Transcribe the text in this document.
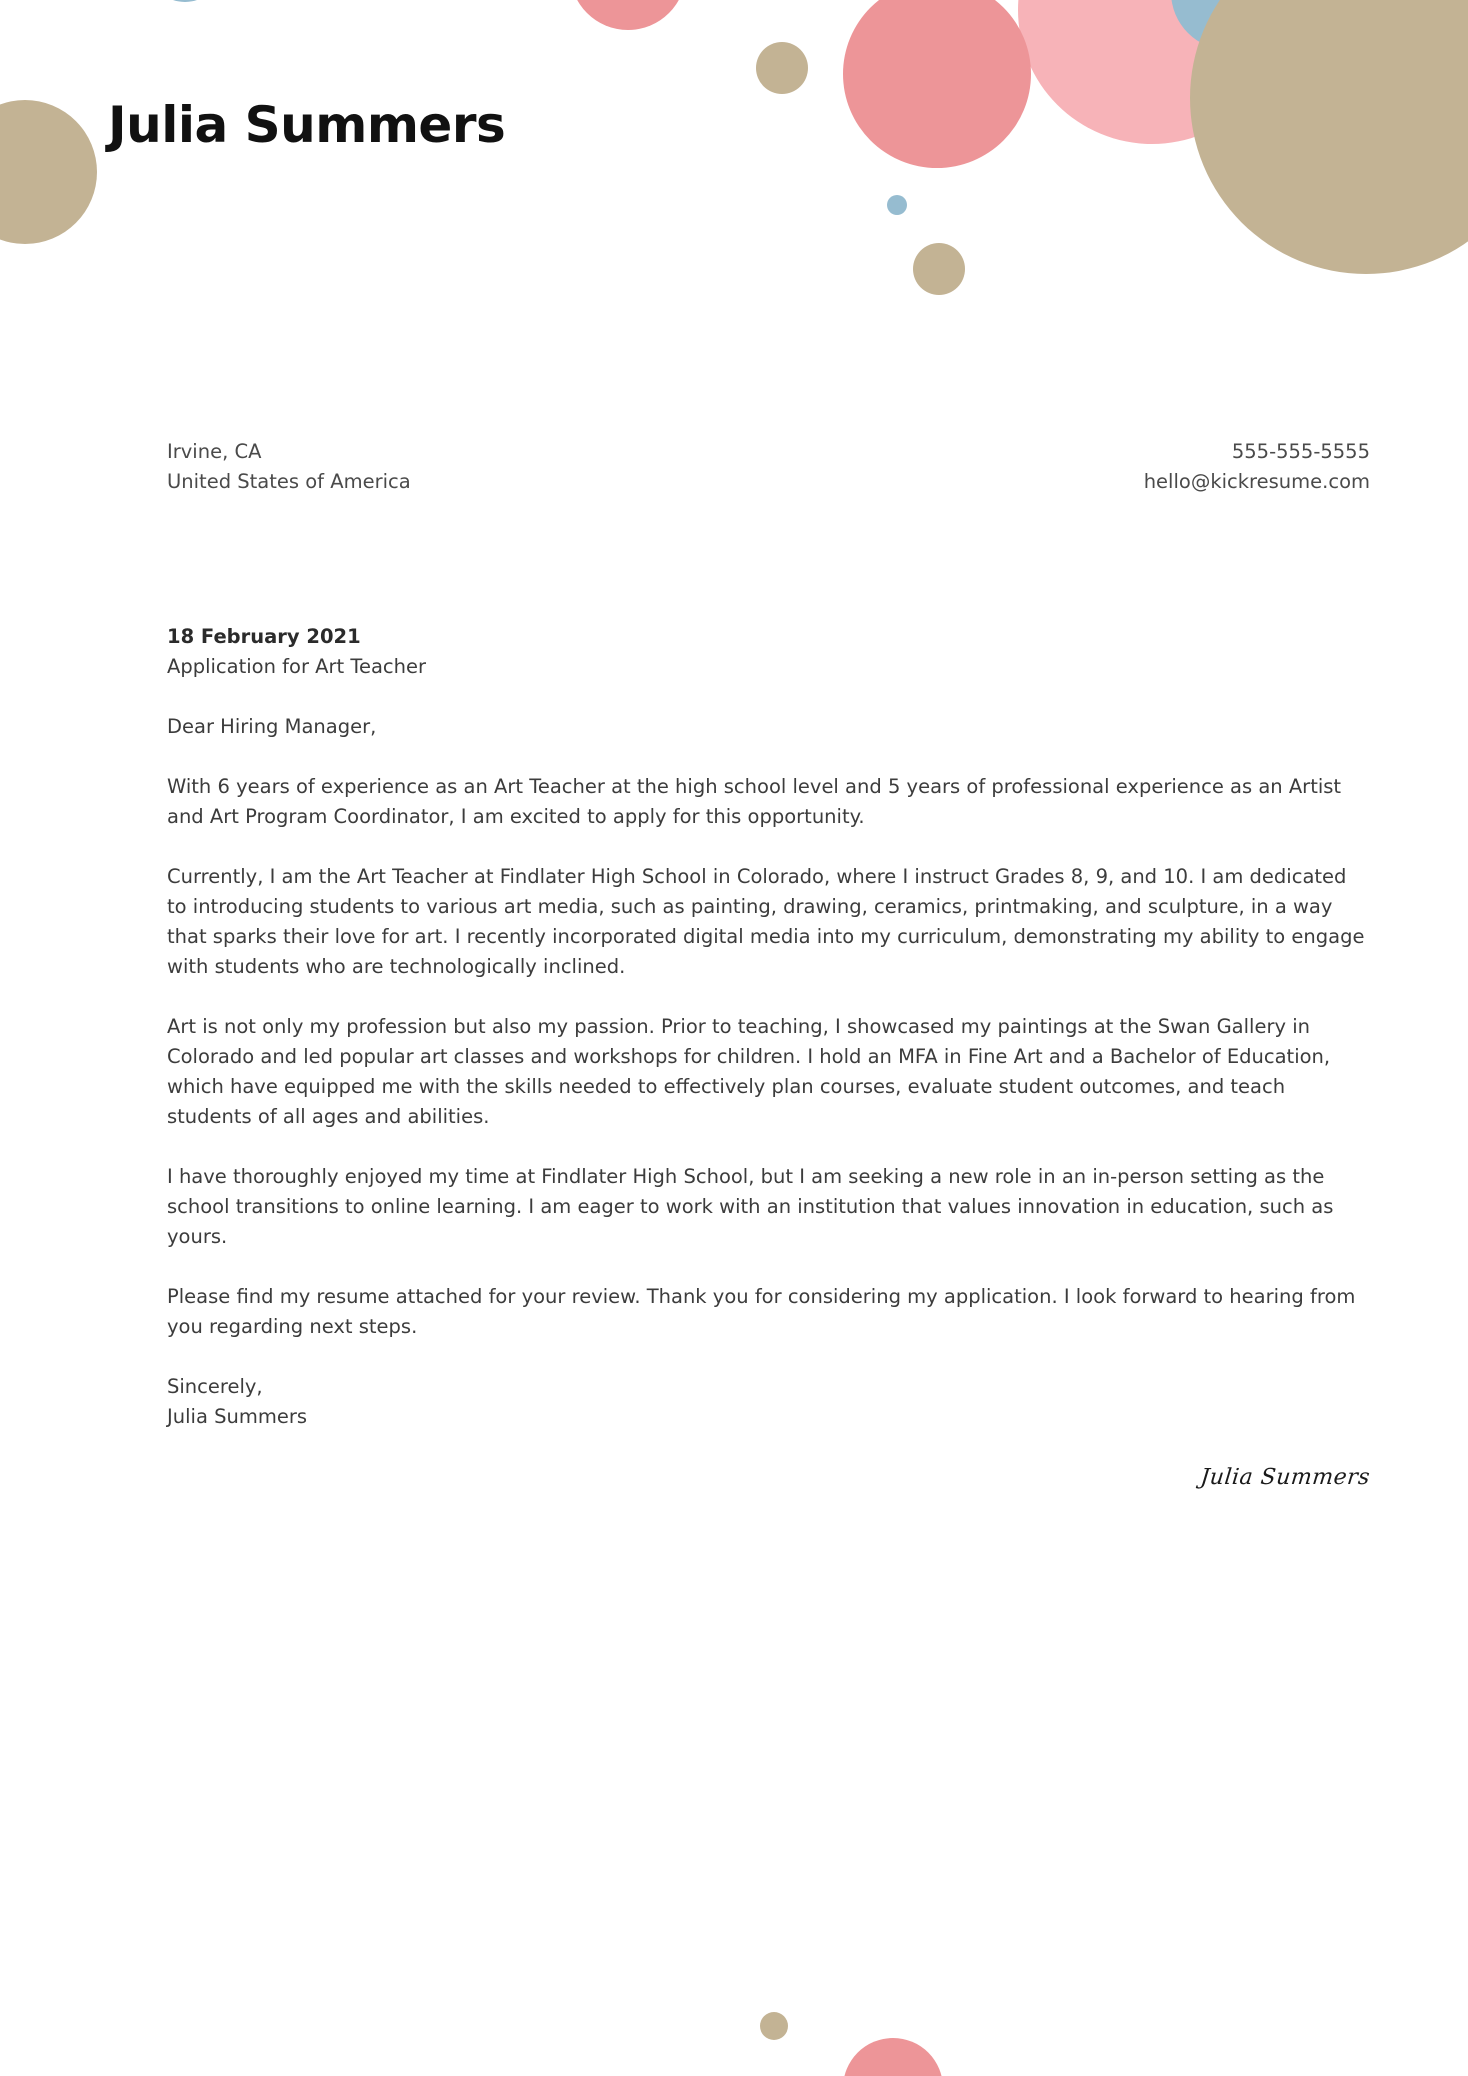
Julia Summers
Irvine, CA
United States of America
555-555-5555
hello@kickresume.com
18 February 2021
Application for Art Teacher
Dear Hiring Manager,

With 6 years of experience as an Art Teacher at the high school level and 5 years of professional experience as an Artist and Art Program Coordinator, I am excited to apply for this opportunity.

Currently, I am the Art Teacher at Findlater High School in Colorado, where I instruct Grades 8, 9, and 10. I am dedicated to introducing students to various art media, such as painting, drawing, ceramics, printmaking, and sculpture, in a way that sparks their love for art. I recently incorporated digital media into my curriculum, demonstrating my ability to engage with students who are technologically inclined.

Art is not only my profession but also my passion. Prior to teaching, I showcased my paintings at the Swan Gallery in Colorado and led popular art classes and workshops for children. I hold an MFA in Fine Art and a Bachelor of Education, which have equipped me with the skills needed to effectively plan courses, evaluate student outcomes, and teach students of all ages and abilities.

I have thoroughly enjoyed my time at Findlater High School, but I am seeking a new role in an in-person setting as the school transitions to online learning. I am eager to work with an institution that values innovation in education, such as yours.

Please find my resume attached for your review. Thank you for considering my application. I look forward to hearing from you regarding next steps.

Sincerely,
Julia Summers
Julia Summers
